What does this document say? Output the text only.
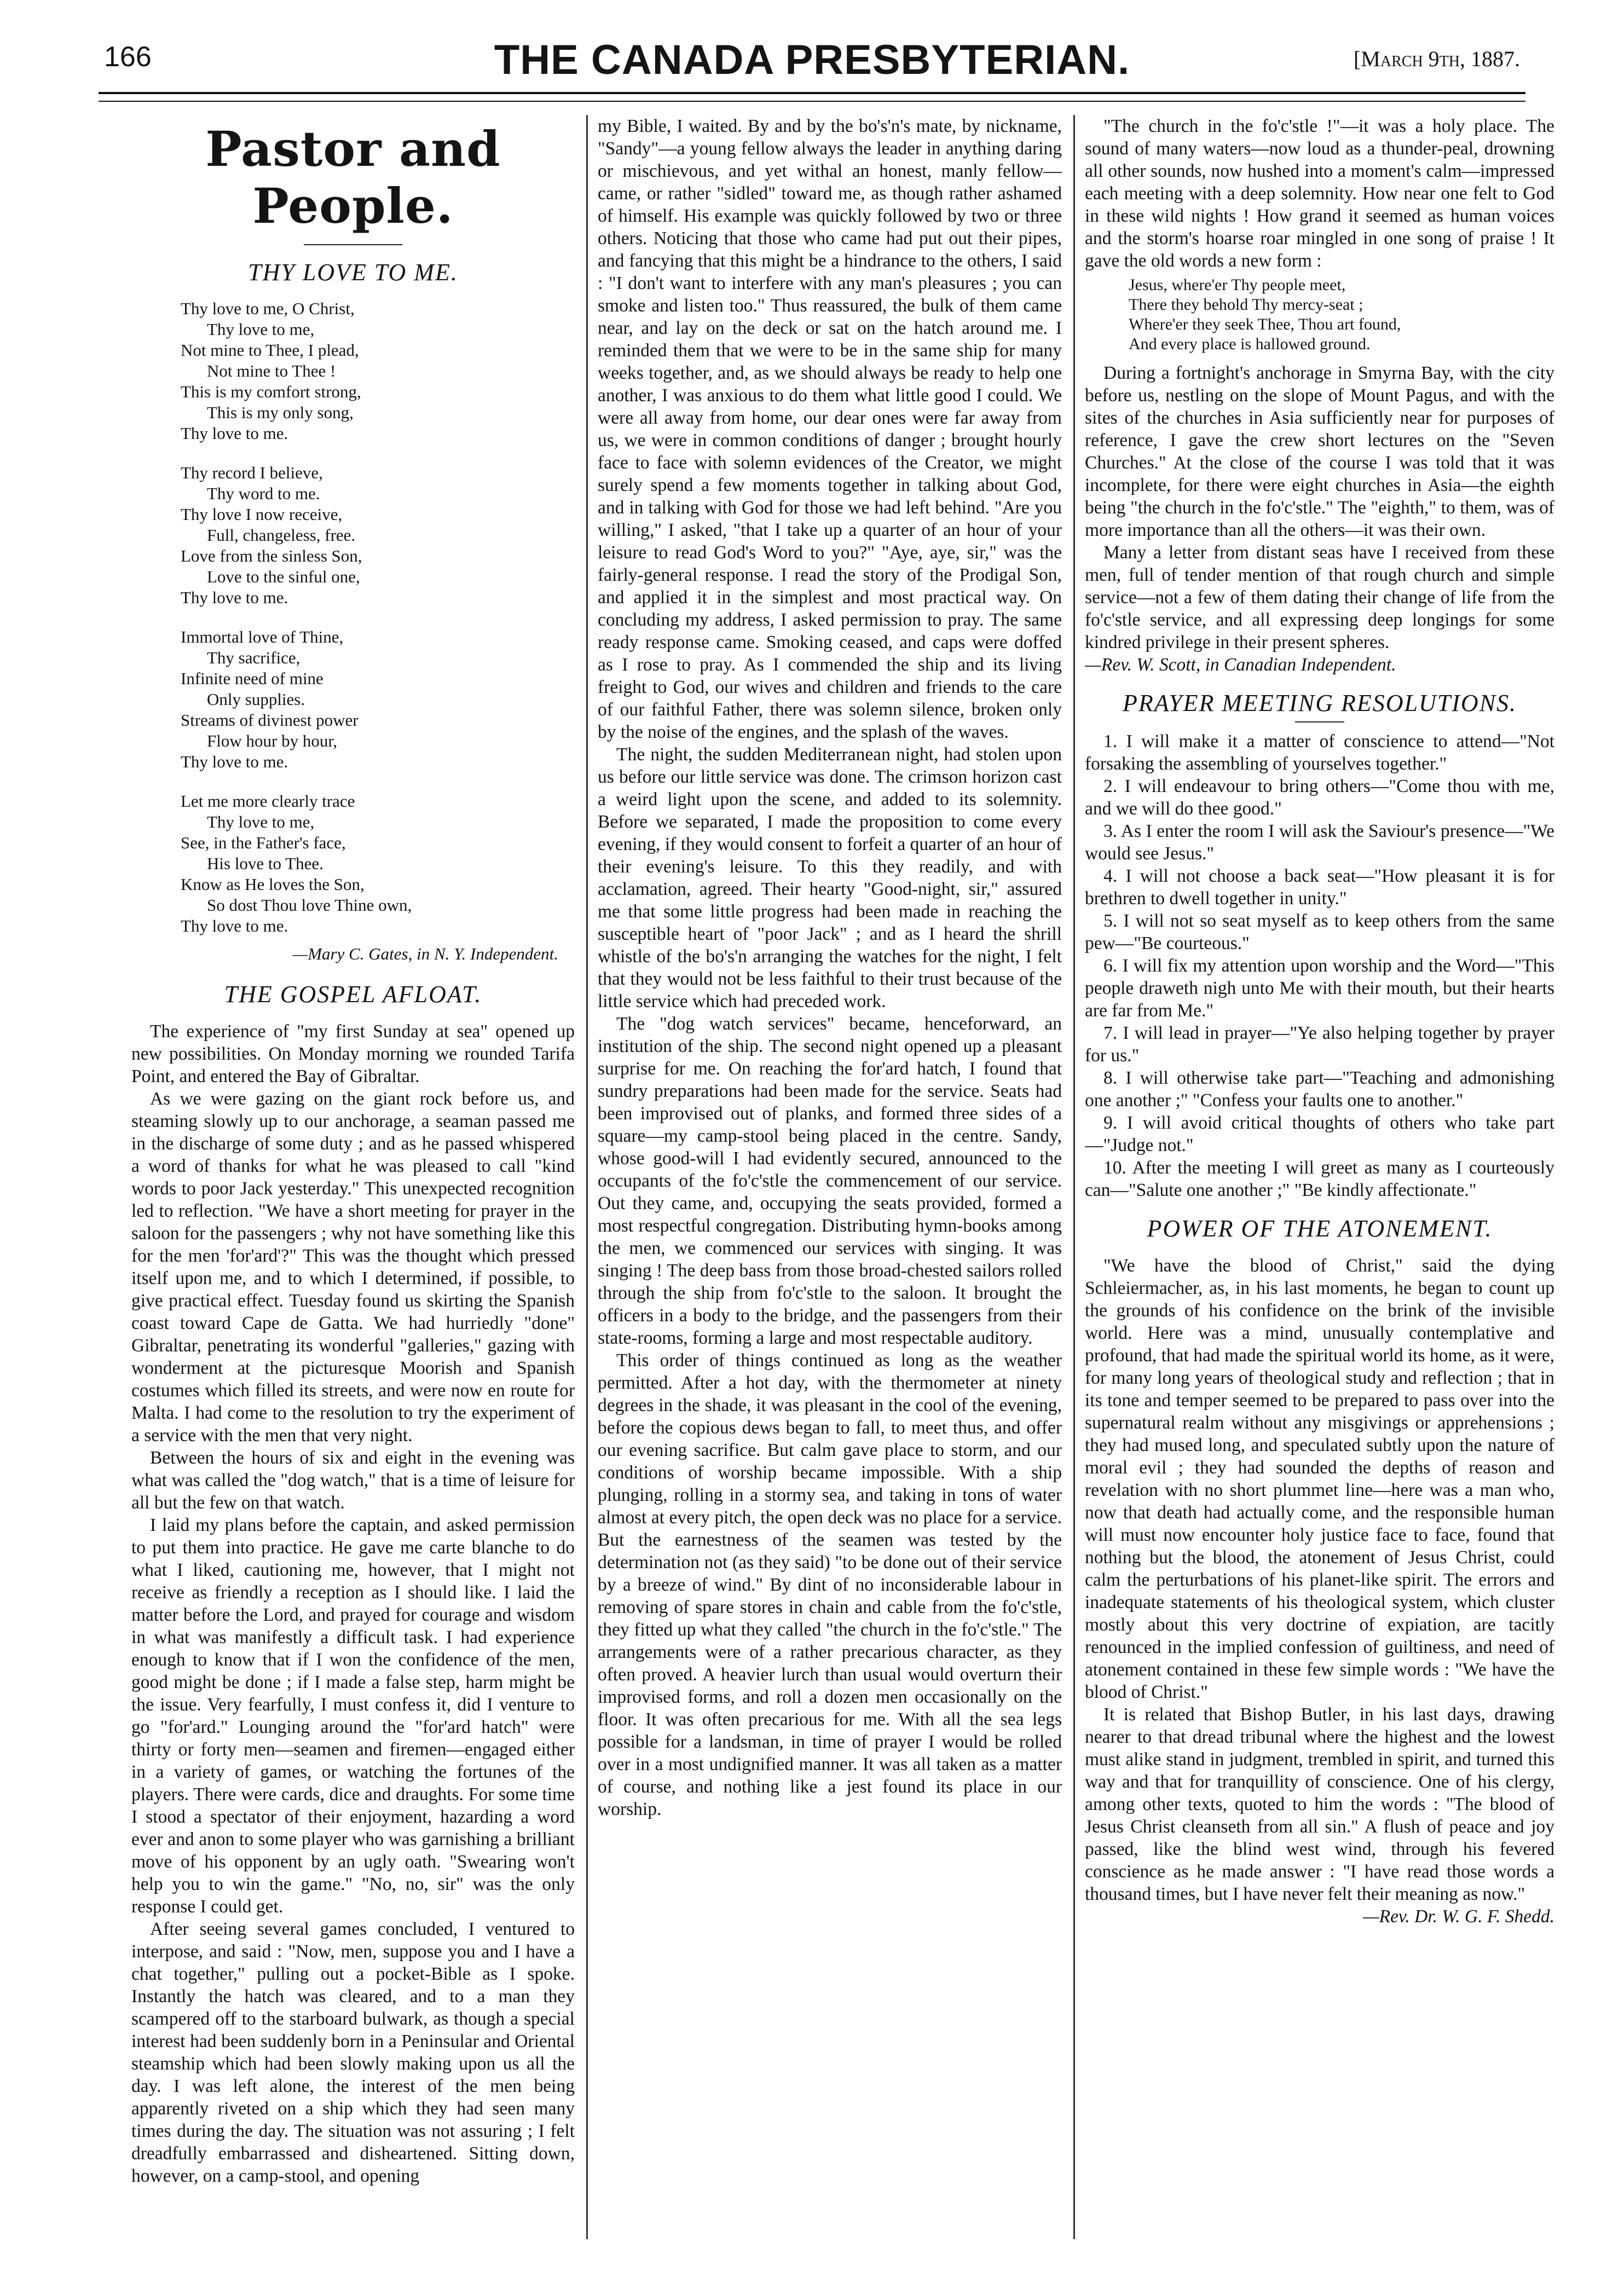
166	THE CANADA PRESBYTERIAN.	[March 9th, 1887.
Pastor and People.
THY LOVE TO ME.
Thy love to me, O Christ,
Thy love to me,
Not mine to Thee, I plead,
Not mine to Thee !
This is my comfort strong,
This is my only song,
Thy love to me.
Thy record I believe,
Thy word to me.
Thy love I now receive,
Full, changeless, free.
Love from the sinless Son,
Love to the sinful one,
Thy love to me.
Immortal love of Thine,
Thy sacrifice,
Infinite need of mine
Only supplies.
Streams of divinest power
Flow hour by hour,
Thy love to me.
Let me more clearly trace
Thy love to me,
See, in the Father's face,
His love to Thee.
Know as He loves the Son,
So dost Thou love Thine own,
Thy love to me.
—Mary C. Gates, in N. Y. Independent.
THE GOSPEL AFLOAT.

The experience of "my first Sunday at sea" opened up new possibilities. On Monday morning we rounded Tarifa Point, and entered the Bay of Gibraltar.

As we were gazing on the giant rock before us, and steaming slowly up to our anchorage, a seaman passed me in the discharge of some duty ; and as he passed whispered a word of thanks for what he was pleased to call "kind words to poor Jack yesterday." This unexpected recognition led to reflection. "We have a short meeting for prayer in the saloon for the passengers ; why not have something like this for the men 'for'ard'?" This was the thought which pressed itself upon me, and to which I determined, if possible, to give practical effect. Tuesday found us skirting the Spanish coast toward Cape de Gatta. We had hurriedly "done" Gibraltar, penetrating its wonderful "galleries," gazing with wonderment at the picturesque Moorish and Spanish costumes which filled its streets, and were now en route for Malta. I had come to the resolution to try the experiment of a service with the men that very night.

Between the hours of six and eight in the evening was what was called the "dog watch," that is a time of leisure for all but the few on that watch.

I laid my plans before the captain, and asked permission to put them into practice. He gave me carte blanche to do what I liked, cautioning me, however, that I might not receive as friendly a reception as I should like. I laid the matter before the Lord, and prayed for courage and wisdom in what was manifestly a difficult task. I had experience enough to know that if I won the confidence of the men, good might be done ; if I made a false step, harm might be the issue. Very fearfully, I must confess it, did I venture to go "for'ard." Lounging around the "for'ard hatch" were thirty or forty men—seamen and firemen—engaged either in a variety of games, or watching the fortunes of the players. There were cards, dice and draughts. For some time I stood a spectator of their enjoyment, hazarding a word ever and anon to some player who was garnishing a brilliant move of his opponent by an ugly oath. "Swearing won't help you to win the game." "No, no, sir" was the only response I could get.

After seeing several games concluded, I ventured to interpose, and said : "Now, men, suppose you and I have a chat together," pulling out a pocket-Bible as I spoke. Instantly the hatch was cleared, and to a man they scampered off to the starboard bulwark, as though a special interest had been suddenly born in a Peninsular and Oriental steamship which had been slowly making upon us all the day. I was left alone, the interest of the men being apparently riveted on a ship which they had seen many times during the day. The situation was not assuring ; I felt dreadfully embarrassed and disheartened. Sitting down, however, on a camp-stool, and opening

my Bible, I waited. By and by the bo's'n's mate, by nickname, "Sandy"—a young fellow always the leader in anything daring or mischievous, and yet withal an honest, manly fellow—came, or rather "sidled" toward me, as though rather ashamed of himself. His example was quickly followed by two or three others. Noticing that those who came had put out their pipes, and fancying that this might be a hindrance to the others, I said : "I don't want to interfere with any man's pleasures ; you can smoke and listen too." Thus reassured, the bulk of them came near, and lay on the deck or sat on the hatch around me. I reminded them that we were to be in the same ship for many weeks together, and, as we should always be ready to help one another, I was anxious to do them what little good I could. We were all away from home, our dear ones were far away from us, we were in common conditions of danger ; brought hourly face to face with solemn evidences of the Creator, we might surely spend a few moments together in talking about God, and in talking with God for those we had left behind. "Are you willing," I asked, "that I take up a quarter of an hour of your leisure to read God's Word to you?" "Aye, aye, sir," was the fairly-general response. I read the story of the Prodigal Son, and applied it in the simplest and most practical way. On concluding my address, I asked permission to pray. The same ready response came. Smoking ceased, and caps were doffed as I rose to pray. As I commended the ship and its living freight to God, our wives and children and friends to the care of our faithful Father, there was solemn silence, broken only by the noise of the engines, and the splash of the waves.

The night, the sudden Mediterranean night, had stolen upon us before our little service was done. The crimson horizon cast a weird light upon the scene, and added to its solemnity. Before we separated, I made the proposition to come every evening, if they would consent to forfeit a quarter of an hour of their evening's leisure. To this they readily, and with acclamation, agreed. Their hearty "Good-night, sir," assured me that some little progress had been made in reaching the susceptible heart of "poor Jack" ; and as I heard the shrill whistle of the bo's'n arranging the watches for the night, I felt that they would not be less faithful to their trust because of the little service which had preceded work.

The "dog watch services" became, henceforward, an institution of the ship. The second night opened up a pleasant surprise for me. On reaching the for'ard hatch, I found that sundry preparations had been made for the service. Seats had been improvised out of planks, and formed three sides of a square—my camp-stool being placed in the centre. Sandy, whose good-will I had evidently secured, announced to the occupants of the fo'c'stle the commencement of our service. Out they came, and, occupying the seats provided, formed a most respectful congregation. Distributing hymn-books among the men, we commenced our services with singing. It was singing ! The deep bass from those broad-chested sailors rolled through the ship from fo'c'stle to the saloon. It brought the officers in a body to the bridge, and the passengers from their state-rooms, forming a large and most respectable auditory.

This order of things continued as long as the weather permitted. After a hot day, with the thermometer at ninety degrees in the shade, it was pleasant in the cool of the evening, before the copious dews began to fall, to meet thus, and offer our evening sacrifice. But calm gave place to storm, and our conditions of worship became impossible. With a ship plunging, rolling in a stormy sea, and taking in tons of water almost at every pitch, the open deck was no place for a service. But the earnestness of the seamen was tested by the determination not (as they said) "to be done out of their service by a breeze of wind." By dint of no inconsiderable labour in removing of spare stores in chain and cable from the fo'c'stle, they fitted up what they called "the church in the fo'c'stle." The arrangements were of a rather precarious character, as they often proved. A heavier lurch than usual would overturn their improvised forms, and roll a dozen men occasionally on the floor. It was often precarious for me. With all the sea legs possible for a landsman, in time of prayer I would be rolled over in a most undignified manner. It was all taken as a matter of course, and nothing like a jest found its place in our worship.

"The church in the fo'c'stle !"—it was a holy place. The sound of many waters—now loud as a thunder-peal, drowning all other sounds, now hushed into a moment's calm—impressed each meeting with a deep solemnity. How near one felt to God in these wild nights ! How grand it seemed as human voices and the storm's hoarse roar mingled in one song of praise ! It gave the old words a new form :

Jesus, where'er Thy people meet,
There they behold Thy mercy-seat ;
Where'er they seek Thee, Thou art found,
And every place is hallowed ground.

During a fortnight's anchorage in Smyrna Bay, with the city before us, nestling on the slope of Mount Pagus, and with the sites of the churches in Asia sufficiently near for purposes of reference, I gave the crew short lectures on the "Seven Churches." At the close of the course I was told that it was incomplete, for there were eight churches in Asia—the eighth being "the church in the fo'c'stle." The "eighth," to them, was of more importance than all the others—it was their own.

Many a letter from distant seas have I received from these men, full of tender mention of that rough church and simple service—not a few of them dating their change of life from the fo'c'stle service, and all expressing deep longings for some kindred privilege in their present spheres.

—Rev. W. Scott, in Canadian Independent.

PRAYER MEETING RESOLUTIONS.

1. I will make it a matter of conscience to attend—"Not forsaking the assembling of yourselves together."

2. I will endeavour to bring others—"Come thou with me, and we will do thee good."

3. As I enter the room I will ask the Saviour's presence—"We would see Jesus."

4. I will not choose a back seat—"How pleasant it is for brethren to dwell together in unity."

5. I will not so seat myself as to keep others from the same pew—"Be courteous."

6. I will fix my attention upon worship and the Word—"This people draweth nigh unto Me with their mouth, but their hearts are far from Me."

7. I will lead in prayer—"Ye also helping together by prayer for us."

8. I will otherwise take part—"Teaching and admonishing one another ;" "Confess your faults one to another."

9. I will avoid critical thoughts of others who take part—"Judge not."

10. After the meeting I will greet as many as I courteously can—"Salute one another ;" "Be kindly affectionate."

POWER OF THE ATONEMENT.

"We have the blood of Christ," said the dying Schleiermacher, as, in his last moments, he began to count up the grounds of his confidence on the brink of the invisible world. Here was a mind, unusually contemplative and profound, that had made the spiritual world its home, as it were, for many long years of theological study and reflection ; that in its tone and temper seemed to be prepared to pass over into the supernatural realm without any misgivings or apprehensions ; they had mused long, and speculated subtly upon the nature of moral evil ; they had sounded the depths of reason and revelation with no short plummet line—here was a man who, now that death had actually come, and the responsible human will must now encounter holy justice face to face, found that nothing but the blood, the atonement of Jesus Christ, could calm the perturbations of his planet-like spirit. The errors and inadequate statements of his theological system, which cluster mostly about this very doctrine of expiation, are tacitly renounced in the implied confession of guiltiness, and need of atonement contained in these few simple words : "We have the blood of Christ."

It is related that Bishop Butler, in his last days, drawing nearer to that dread tribunal where the highest and the lowest must alike stand in judgment, trembled in spirit, and turned this way and that for tranquillity of conscience. One of his clergy, among other texts, quoted to him the words : "The blood of Jesus Christ cleanseth from all sin." A flush of peace and joy passed, like the blind west wind, through his fevered conscience as he made answer : "I have read those words a thousand times, but I have never felt their meaning as now."

—Rev. Dr. W. G. F. Shedd.
